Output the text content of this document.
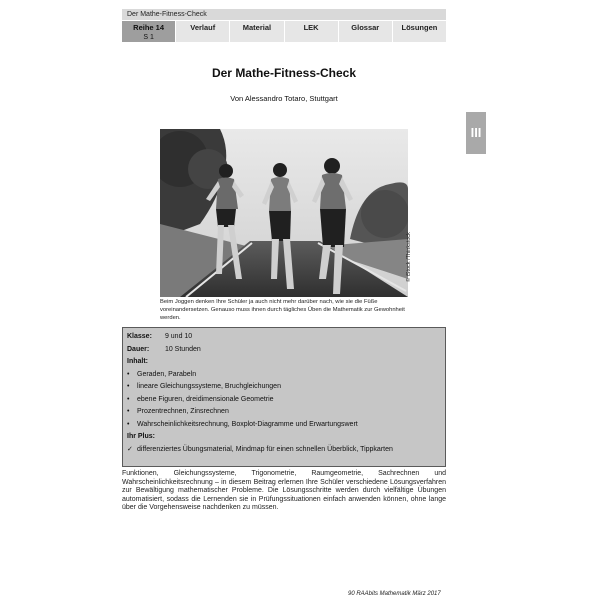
Der Mathe-Fitness-Check
Reihe 14
S 1
Verlauf	Material	LEK	Glossar	Lösungen
Der Mathe-Fitness-Check
Von Alessandro Totaro, Stuttgart
III
© iStock /Thinkstock
Beim Joggen denken Ihre Schüler ja auch nicht mehr darüber nach, wie sie die Füße voreinandersetzen. Genauso muss ihnen durch tägliches Üben die Mathematik zur Gewohnheit werden.
Klasse: 9 und 10
Dauer: 10 Stunden
Inhalt:
• Geraden, Parabeln
• lineare Gleichungssysteme, Bruchgleichungen
• ebene Figuren, dreidimensionale Geometrie
• Prozentrechnen, Zinsrechnen
• Wahrscheinlichkeitsrechnung, Boxplot-Diagramme und Erwartungswert
Ihr Plus:
✓ differenziertes Übungsmaterial, Mindmap für einen schnellen Überblick, Tippkarten
Funktionen, Gleichungssysteme, Trigonometrie, Raumgeometrie, Sachrechnen und Wahrscheinlichkeitsrechnung – in diesem Beitrag erlernen Ihre Schüler verschiedene Lösungsverfahren zur Bewältigung mathematischer Probleme. Die Lösungsschritte werden durch vielfältige Übungen automatisiert, sodass die Lernenden sie in Prüfungssituationen einfach anwenden können, ohne lange über die Vorgehensweise nachdenken zu müssen.
90 RAAbits Mathematik März 2017
